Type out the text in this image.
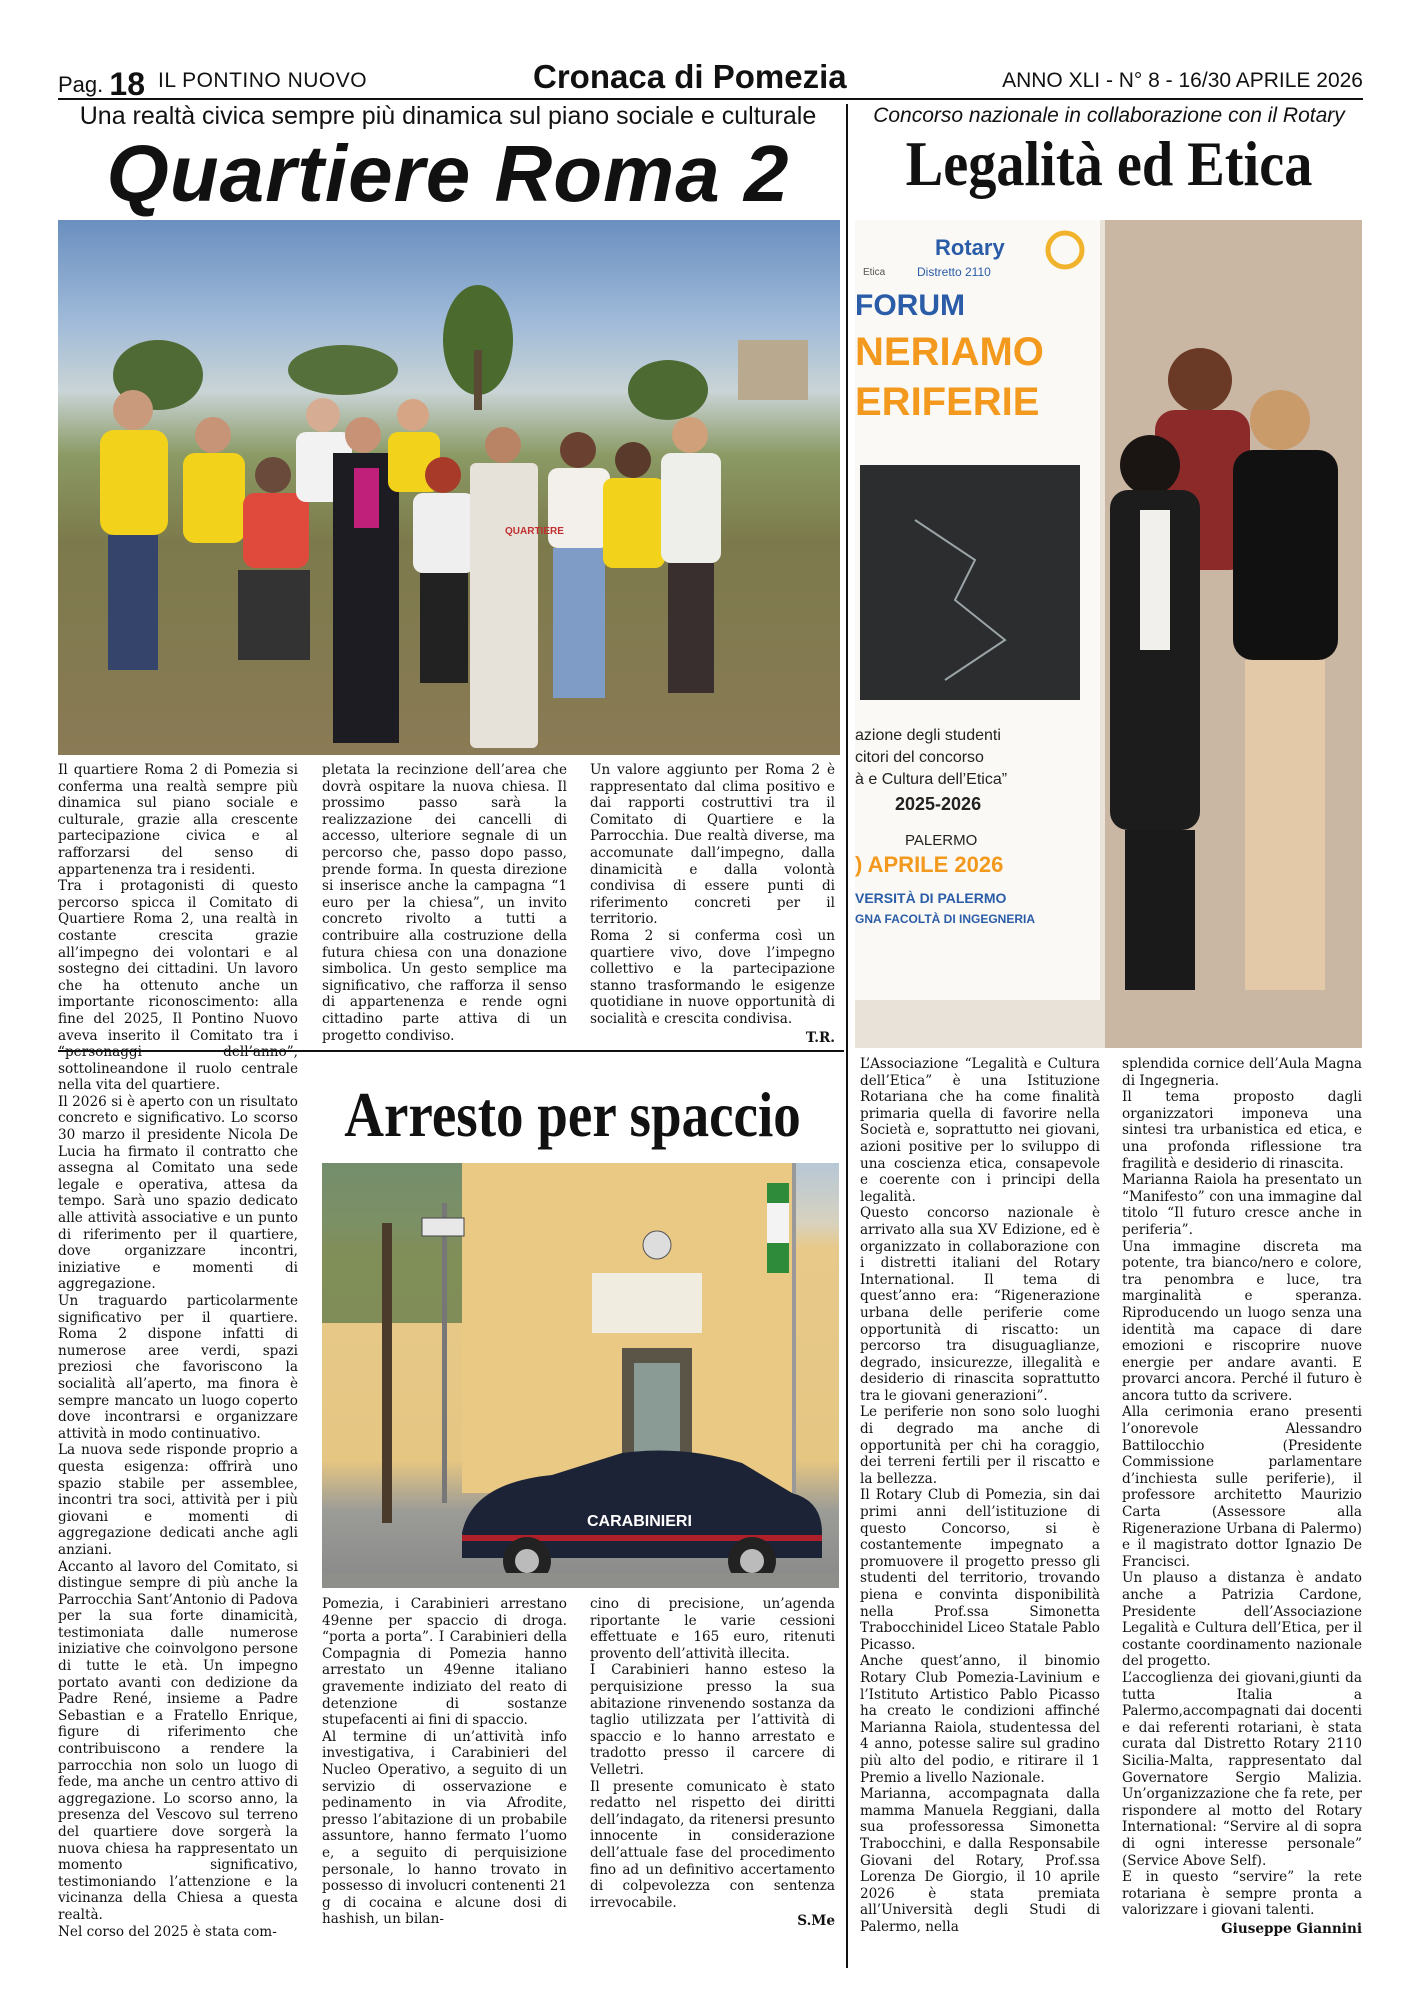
Pag. 18 IL PONTINO NUOVO	Cronaca di Pomezia	ANNO XLI - N° 8 - 16/30 APRILE 2026
Una realtà civica sempre più dinamica sul piano sociale e culturale
Quartiere Roma 2
Concorso nazionale in collaborazione con il Rotary
Legalità ed Etica

Il quartiere Roma 2 di Pomezia si conferma una realtà sempre più dinamica sul piano sociale e culturale, grazie alla crescente partecipazione civica e al rafforzarsi del senso di appartenenza tra i residenti.

Tra i protagonisti di questo percorso spicca il Comitato di Quartiere Roma 2, una realtà in costante crescita grazie all’impegno dei volontari e al sostegno dei cittadini. Un lavoro che ha ottenuto anche un importante riconoscimento: alla fine del 2025, Il Pontino Nuovo aveva inserito il Comitato tra i “personaggi dell’anno”, sottolineandone il ruolo centrale nella vita del quartiere.

Il 2026 si è aperto con un risultato concreto e significativo. Lo scorso 30 marzo il presidente Nicola De Lucia ha firmato il contratto che assegna al Comitato una sede legale e operativa, attesa da tempo. Sarà uno spazio dedicato alle attività associative e un punto di riferimento per il quartiere, dove organizzare incontri, iniziative e momenti di aggregazione.

Un traguardo particolarmente significativo per il quartiere. Roma 2 dispone infatti di numerose aree verdi, spazi preziosi che favoriscono la socialità all’aperto, ma finora è sempre mancato un luogo coperto dove incontrarsi e organizzare attività in modo continuativo.

La nuova sede risponde proprio a questa esigenza: offrirà uno spazio stabile per assemblee, incontri tra soci, attività per i più giovani e momenti di aggregazione dedicati anche agli anziani.

Accanto al lavoro del Comitato, si distingue sempre di più anche la Parrocchia Sant’Antonio di Padova per la sua forte dinamicità, testimoniata dalle numerose iniziative che coinvolgono persone di tutte le età. Un impegno portato avanti con dedizione da Padre René, insieme a Padre Sebastian e a Fratello Enrique, figure di riferimento che contribuiscono a rendere la parrocchia non solo un luogo di fede, ma anche un centro attivo di aggregazione. Lo scorso anno, la presenza del Vescovo sul terreno del quartiere dove sorgerà la nuova chiesa ha rappresentato un momento significativo, testimoniando l’attenzione e la vicinanza della Chiesa a questa realtà.

Nel corso del 2025 è stata com-

pletata la recinzione dell’area che dovrà ospitare la nuova chiesa. Il prossimo passo sarà la realizzazione dei cancelli di accesso, ulteriore segnale di un percorso che, passo dopo passo, prende forma. In questa direzione si inserisce anche la campagna “1 euro per la chiesa”, un invito concreto rivolto a tutti a contribuire alla costruzione della futura chiesa con una donazione simbolica. Un gesto semplice ma significativo, che rafforza il senso di appartenenza e rende ogni cittadino parte attiva di un progetto condiviso.

Un valore aggiunto per Roma 2 è rappresentato dal clima positivo e dai rapporti costruttivi tra il Comitato di Quartiere e la Parrocchia. Due realtà diverse, ma accomunate dall’impegno, dalla dinamicità e dalla volontà condivisa di essere punti di riferimento concreti per il territorio.

Roma 2 si conferma così un quartiere vivo, dove l’impegno collettivo e la partecipazione stanno trasformando le esigenze quotidiane in nuove opportunità di socialità e crescita condivisa.

T.R.
Arresto per spaccio
CARABINIERI

Pomezia, i Carabinieri arrestano 49enne per spaccio di droga. “porta a porta”. I Carabinieri della Compagnia di Pomezia hanno arrestato un 49enne italiano gravemente indiziato del reato di detenzione di sostanze stupefacenti ai fini di spaccio.

Al termine di un’attività info investigativa, i Carabinieri del Nucleo Operativo, a seguito di un servizio di osservazione e pedinamento in via Afrodite, presso l’abitazione di un probabile assuntore, hanno fermato l’uomo e, a seguito di perquisizione personale, lo hanno trovato in possesso di involucri contenenti 21 g di cocaina e alcune dosi di hashish, un bilan-

cino di precisione, un’agenda riportante le varie cessioni effettuate e 165 euro, ritenuti provento dell’attività illecita.

I Carabinieri hanno esteso la perquisizione presso la sua abitazione rinvenendo sostanza da taglio utilizzata per l’attività di spaccio e lo hanno arrestato e tradotto presso il carcere di Velletri.

Il presente comunicato è stato redatto nel rispetto dei diritti dell’indagato, da ritenersi presunto innocente in considerazione dell’attuale fase del procedimento fino ad un definitivo accertamento di colpevolezza con sentenza irrevocabile.

S.Me
Etica
Rotary
Distretto 2110
FORUM
NERIAMO
ERIFERIE
azione degli studenti
citori del concorso
à e Cultura dell’Etica”
2025-2026
PALERMO
) APRILE 2026
VERSITÀ DI PALERMO
GNA FACOLTÀ DI INGEGNERIA

L’Associazione “Legalità e Cultura dell’Etica” è una Istituzione Rotariana che ha come finalità primaria quella di favorire nella Società e, soprattutto nei giovani, azioni positive per lo sviluppo di una coscienza etica, consapevole e coerente con i principi della legalità.

Questo concorso nazionale è arrivato alla sua XV Edizione, ed è organizzato in collaborazione con i distretti italiani del Rotary International. Il tema di quest’anno era: “Rigenerazione urbana delle periferie come opportunità di riscatto: un percorso tra disuguaglianze, degrado, insicurezze, illegalità e desiderio di rinascita soprattutto tra le giovani generazioni”.

Le periferie non sono solo luoghi di degrado ma anche di opportunità per chi ha coraggio, dei terreni fertili per il riscatto e la bellezza.

Il Rotary Club di Pomezia, sin dai primi anni dell’istituzione di questo Concorso, si è costantemente impegnato a promuovere il progetto presso gli studenti del territorio, trovando piena e convinta disponibilità nella Prof.ssa Simonetta Trabocchinidel Liceo Statale Pablo Picasso.

Anche quest’anno, il binomio Rotary Club Pomezia-Lavinium e l’Istituto Artistico Pablo Picasso ha creato le condizioni affinché Marianna Raiola, studentessa del 4 anno, potesse salire sul gradino più alto del podio, e ritirare il 1 Premio a livello Nazionale.

Marianna, accompagnata dalla mamma Manuela Reggiani, dalla sua professoressa Simonetta Trabocchini, e dalla Responsabile Giovani del Rotary, Prof.ssa Lorenza De Giorgio, il 10 aprile 2026 è stata premiata all’Università degli Studi di Palermo, nella

splendida cornice dell’Aula Magna di Ingegneria.

Il tema proposto dagli organizzatori imponeva una sintesi tra urbanistica ed etica, e una profonda riflessione tra fragilità e desiderio di rinascita.

Marianna Raiola ha presentato un “Manifesto” con una immagine dal titolo “Il futuro cresce anche in periferia”.

Una immagine discreta ma potente, tra bianco/nero e colore, tra penombra e luce, tra marginalità e speranza. Riproducendo un luogo senza una identità ma capace di dare emozioni e riscoprire nuove energie per andare avanti. E provarci ancora. Perché il futuro è ancora tutto da scrivere.

Alla cerimonia erano presenti l’onorevole Alessandro Battilocchio (Presidente Commissione parlamentare d’inchiesta sulle periferie), il professore architetto Maurizio Carta (Assessore alla Rigenerazione Urbana di Palermo) e il magistrato dottor Ignazio De Francisci.

Un plauso a distanza è andato anche a Patrizia Cardone, Presidente dell’Associazione Legalità e Cultura dell’Etica, per il costante coordinamento nazionale del progetto.

L’accoglienza dei giovani,giunti da tutta Italia a Palermo,accompagnati dai docenti e dai referenti rotariani, è stata curata dal Distretto Rotary 2110 Sicilia-Malta, rappresentato dal Governatore Sergio Malizia. Un’organizzazione che fa rete, per rispondere al motto del Rotary International: “Servire al di sopra di ogni interesse personale” (Service Above Self).

E in questo “servire” la rete rotariana è sempre pronta a valorizzare i giovani talenti.

Giuseppe Giannini
QUARTIERE
